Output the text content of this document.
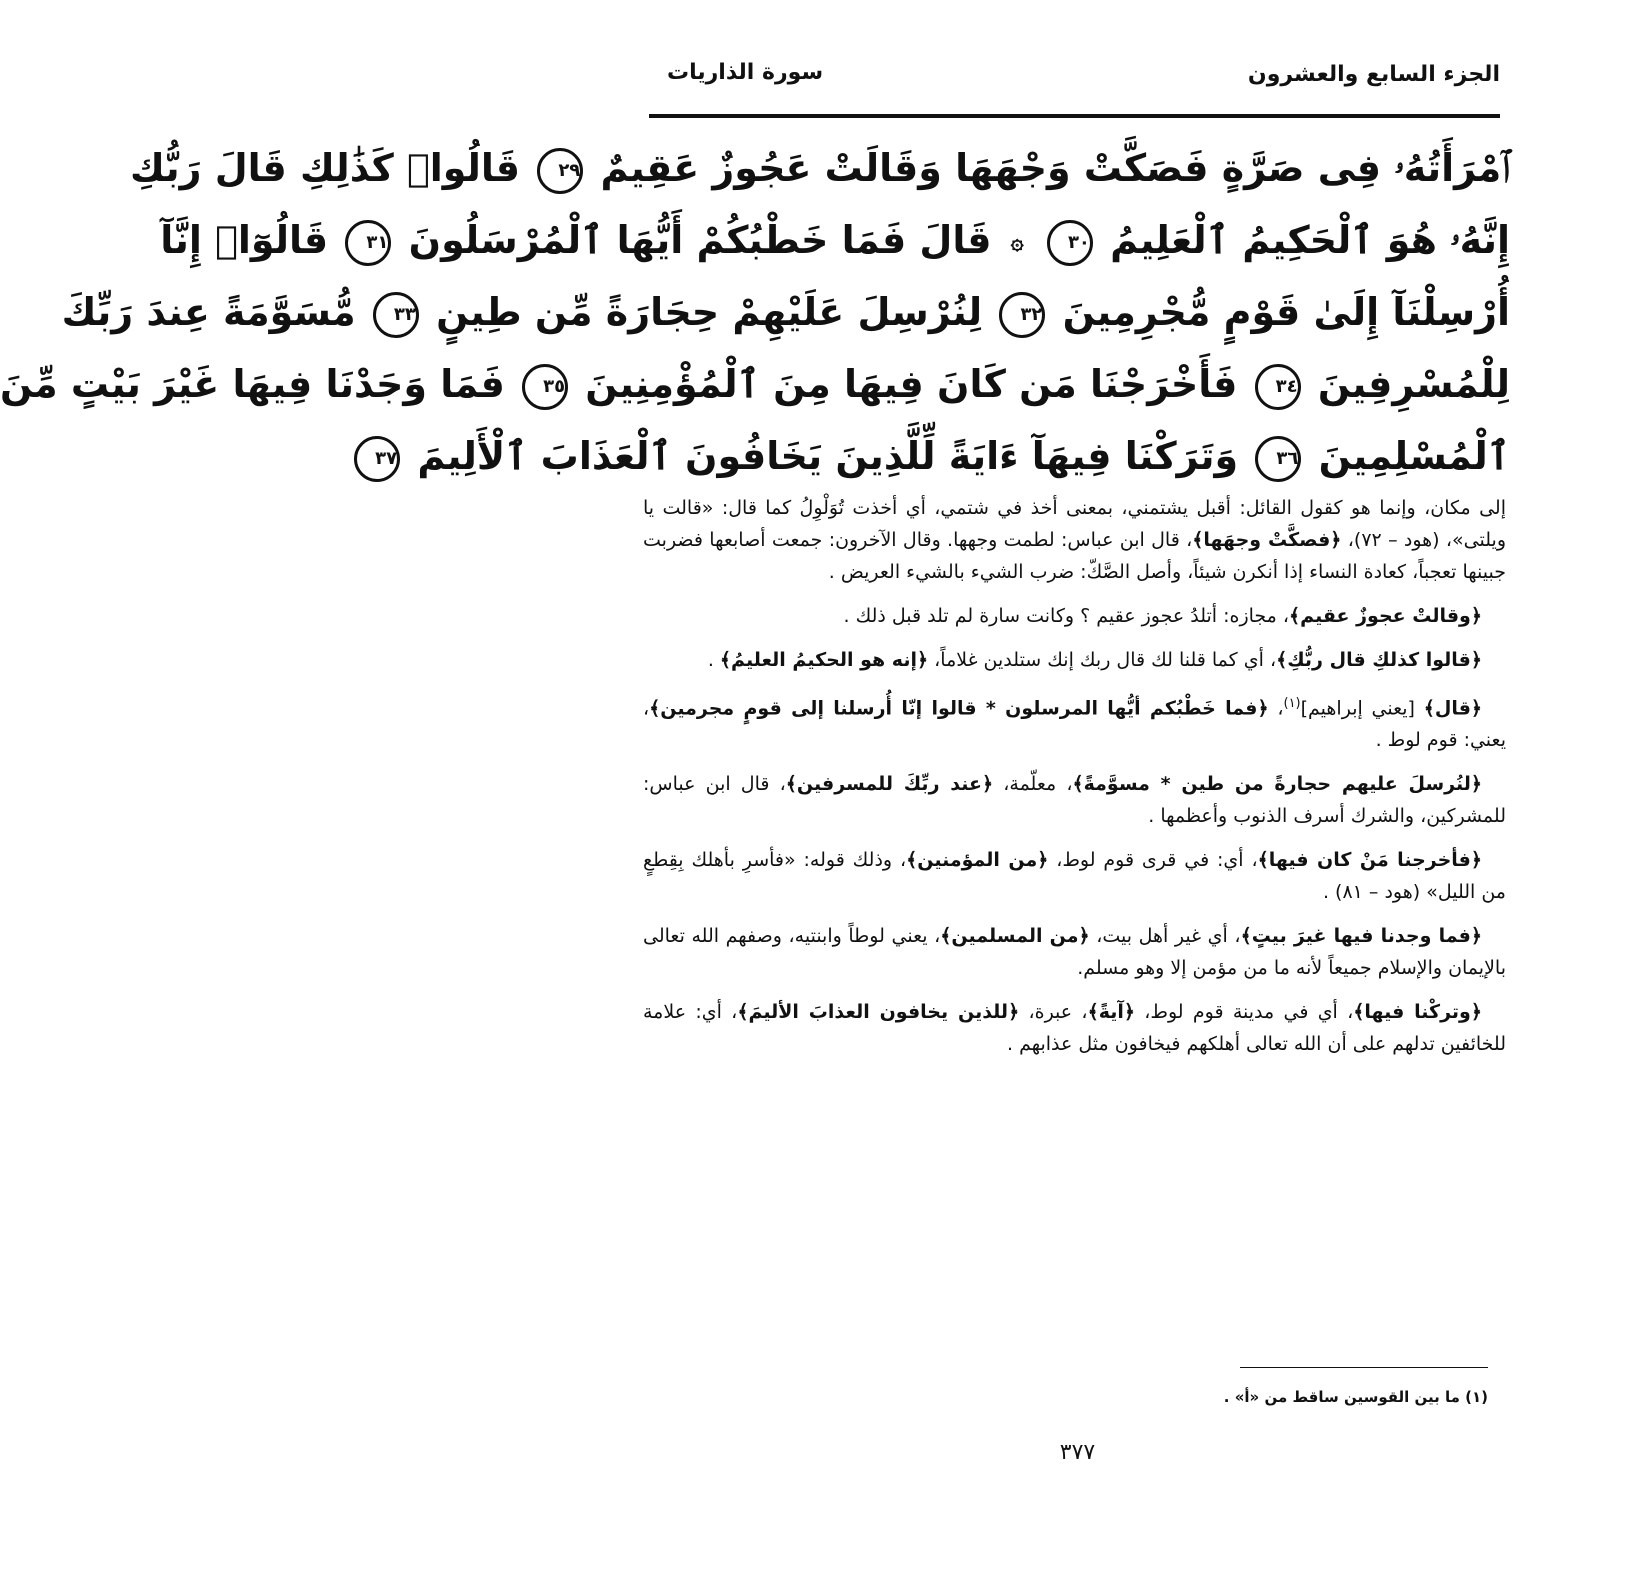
الجزء السابع والعشرون
سورة الذاريات
ٱمْرَأَتُهُۥ فِى صَرَّةٍ فَصَكَّتْ وَجْهَهَا وَقَالَتْ عَجُوزٌ عَقِيمٌ ٢٩ قَالُوا۟ كَذَٰلِكِ قَالَ رَبُّكِ
إِنَّهُۥ هُوَ ٱلْحَكِيمُ ٱلْعَلِيمُ ٣٠ ۞ قَالَ فَمَا خَطْبُكُمْ أَيُّهَا ٱلْمُرْسَلُونَ ٣١ قَالُوٓا۟ إِنَّآ
أُرْسِلْنَآ إِلَىٰ قَوْمٍ مُّجْرِمِينَ ٣٢ لِنُرْسِلَ عَلَيْهِمْ حِجَارَةً مِّن طِينٍ ٣٣ مُّسَوَّمَةً عِندَ رَبِّكَ
لِلْمُسْرِفِينَ ٣٤ فَأَخْرَجْنَا مَن كَانَ فِيهَا مِنَ ٱلْمُؤْمِنِينَ ٣٥ فَمَا وَجَدْنَا فِيهَا غَيْرَ بَيْتٍ مِّنَ
ٱلْمُسْلِمِينَ ٣٦ وَتَرَكْنَا فِيهَآ ءَايَةً لِّلَّذِينَ يَخَافُونَ ٱلْعَذَابَ ٱلْأَلِيمَ ٣٧

إلى مكان، وإنما هو كقول القائل: أقبل يشتمني، بمعنى أخذ في شتمي، أي أخذت تُوَلْوِلُ كما قال: «قالت يا ويلتى»، (هود – ٧٢)، ﴿فصكَّتْ وجهَها﴾، قال ابن عباس: لطمت وجهها. وقال الآخرون: جمعت أصابعها فضربت جبينها تعجباً، كعادة النساء إذا أنكرن شيئاً، وأصل الصَّكّ: ضرب الشيء بالشيء العريض .

﴿وقالتْ عجوزٌ عقيم﴾، مجازه: أتلدُ عجوز عقيم ؟ وكانت سارة لم تلد قبل ذلك .

﴿قالوا كذلكِ قال ربُّكِ﴾، أي كما قلنا لك قال ربك إنك ستلدين غلاماً، ﴿إنه هو الحكيمُ العليمُ﴾ .

﴿قال﴾ [يعني إبراهيم]$^{(١)}$، ﴿فما خَطْبُكم أيُّها المرسلون * قالوا إنّا أُرسلنا إلى قومٍ مجرمين﴾، يعني: قوم لوط .

﴿لنُرسلَ عليهم حجارةً من طين * مسوَّمةً﴾، معلّمة، ﴿عند ربِّكَ للمسرفين﴾، قال ابن عباس: للمشركين، والشرك أسرف الذنوب وأعظمها .

﴿فأخرجنا مَنْ كان فيها﴾، أي: في قرى قوم لوط، ﴿من المؤمنين﴾، وذلك قوله: «فأسرِ بأهلك بِقِطعٍ من الليل» (هود – ٨١) .

﴿فما وجدنا فيها غيرَ بيتٍ﴾، أي غير أهل بيت، ﴿من المسلمين﴾، يعني لوطاً وابنتيه، وصفهم الله تعالى بالإيمان والإسلام جميعاً لأنه ما من مؤمن إلا وهو مسلم.

﴿وتركْنا فيها﴾، أي في مدينة قوم لوط، ﴿آيةً﴾، عبرة، ﴿للذين يخافون العذابَ الأليمَ﴾، أي: علامة للخائفين تدلهم على أن الله تعالى أهلكهم فيخافون مثل عذابهم .

(١) ما بين القوسين ساقط من «أ» .
٣٧٧
